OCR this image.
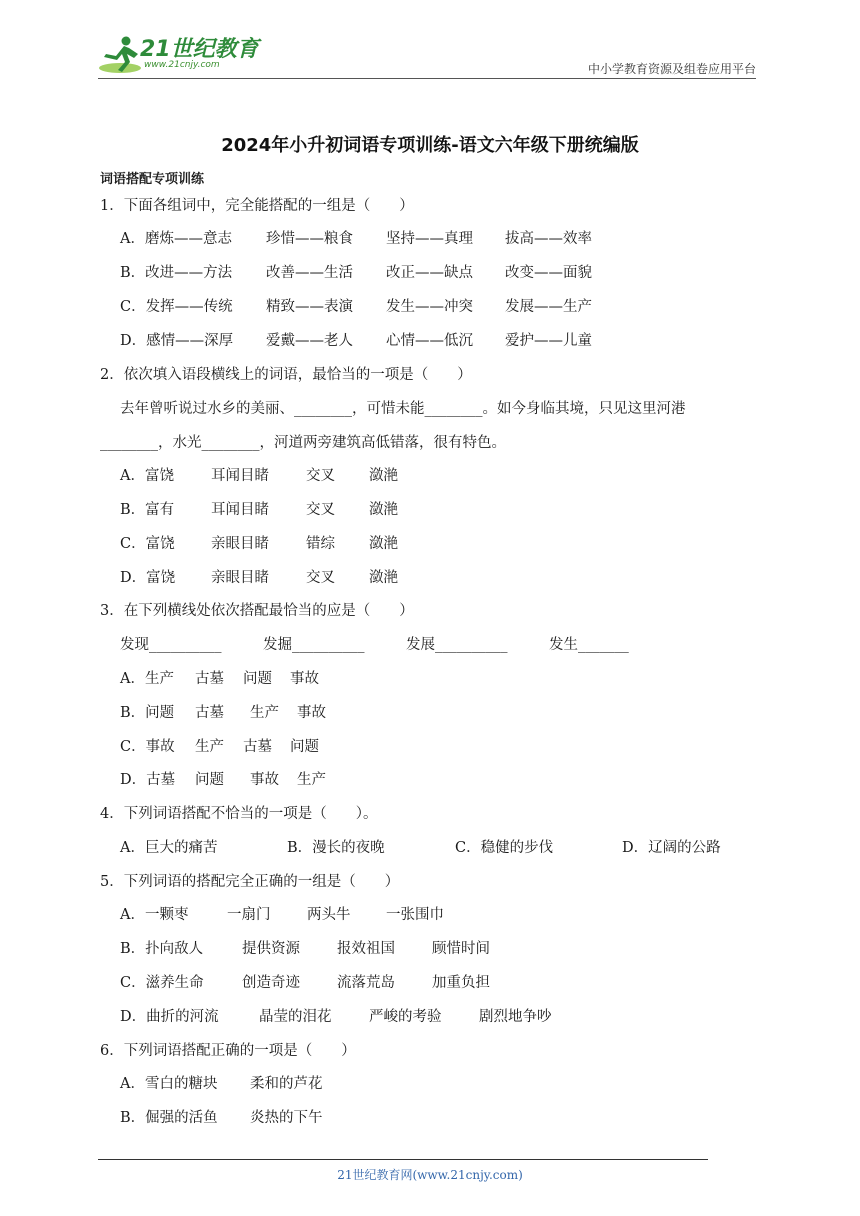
21世纪教育
www.21cnjy.com	中小学教育资源及组卷应用平台
2024年小升初词语专项训练-语文六年级下册统编版
词语搭配专项训练
1．下面各组词中，完全能搭配的一组是（　　）
A．磨炼——意志 珍惜——粮食 坚持——真理 拔高——效率
B．改进——方法 改善——生活 改正——缺点 改变——面貌
C．发挥——传统 精致——表演 发生——冲突 发展——生产
D．感情——深厚 爱戴——老人 心情——低沉 爱护——儿童
2．依次填入语段横线上的词语，最恰当的一项是（　　）
去年曾听说过水乡的美丽、________，可惜未能________。如今身临其境，只见这里河港
________，水光________，河道两旁建筑高低错落，很有特色。
A．富饶	耳闻目睹	交叉 潋滟
B．富有	耳闻目睹	交叉 潋滟
C．富饶	亲眼目睹	错综 潋滟
D．富饶 亲眼目睹	交叉 潋滟
3．在下列横线处依次搭配最恰当的应是（　　）
发现__________	发掘__________	发展__________	发生_______
A．生产 古墓 问题 事故
B．问题 古墓 生产 事故
C．事故 生产 古墓 问题
D．古墓 问题 事故 生产
4．下列词语搭配不恰当的一项是（　　）。
A．巨大的痛苦	B．漫长的夜晚	C．稳健的步伐	D．辽阔的公路
5．下列词语的搭配完全正确的一组是（　　）
A．一颗枣	一扇门	两头牛 一张围巾
B．扑向敌人	提供资源	报效祖国	顾惜时间
C．滋养生命	创造奇迹	流落荒岛	加重负担
D．曲折的河流	晶莹的泪花	严峻的考验	剧烈地争吵
6．下列词语搭配正确的一项是（　　）
A．雪白的糖块 柔和的芦花
B．倔强的活鱼 炎热的下午
21世纪教育网(www.21cnjy.com)
